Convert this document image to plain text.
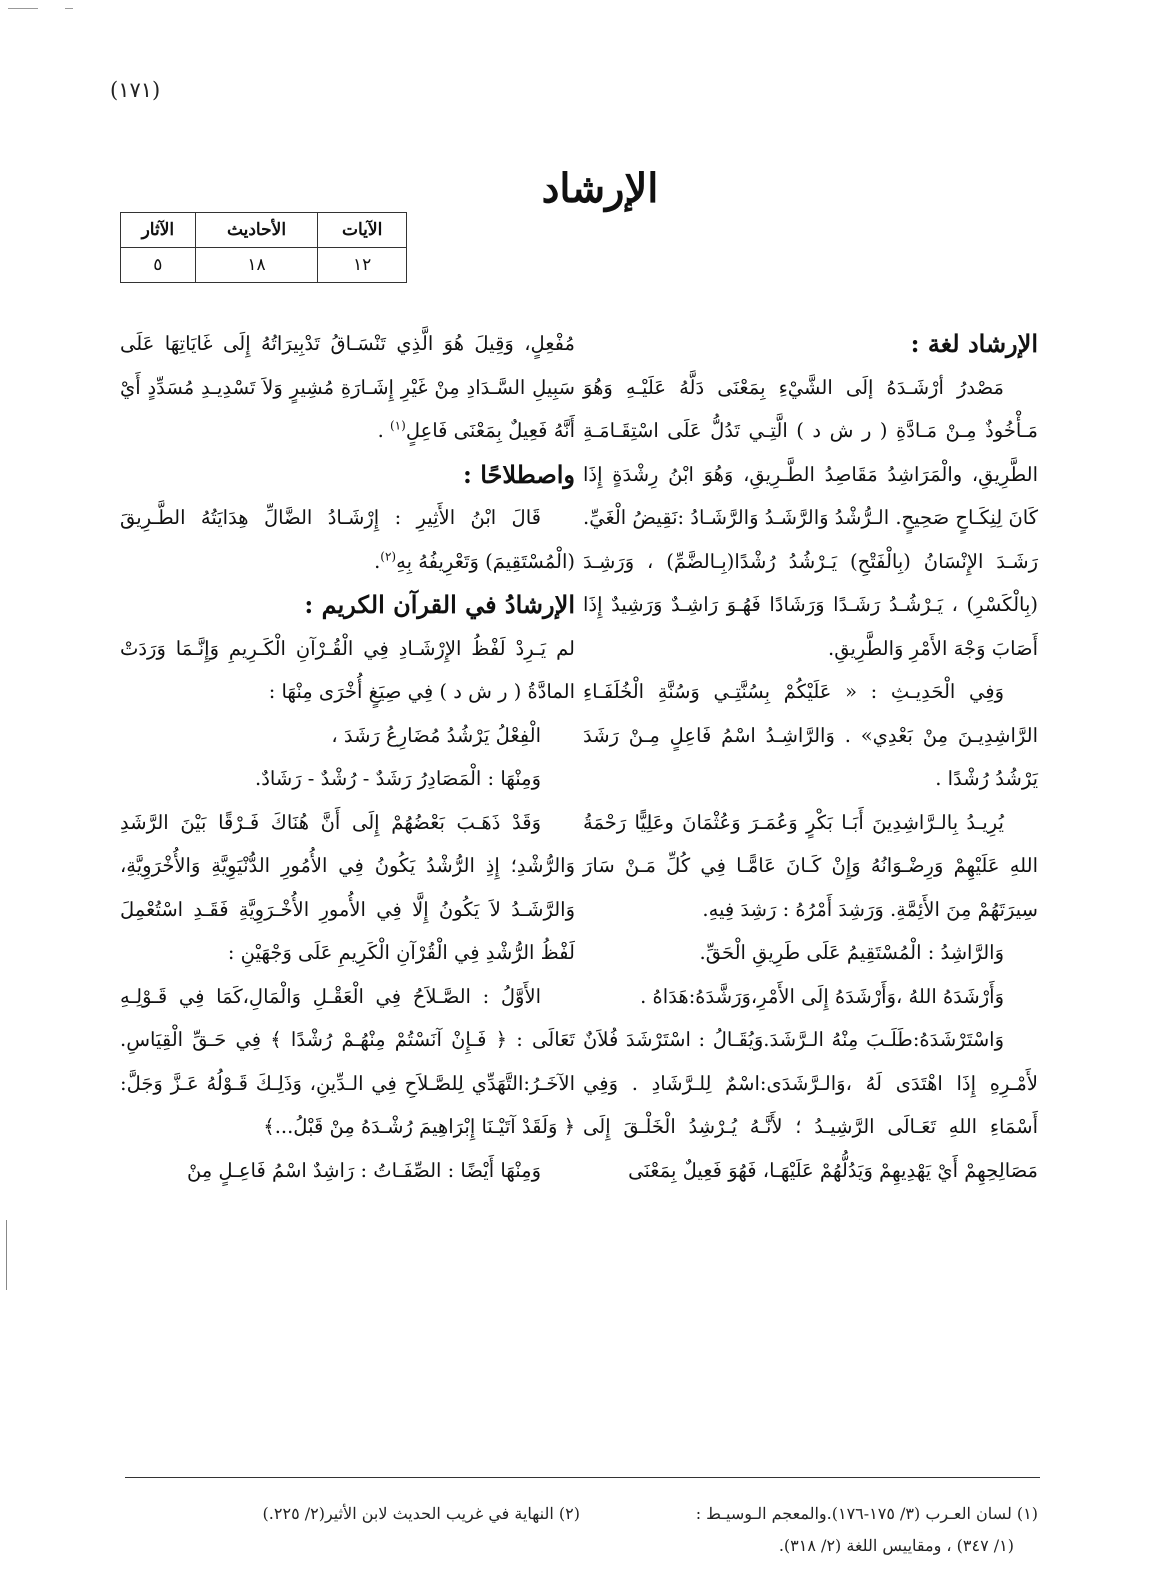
(١٧١)
الإرشاد
الآيات	الأحاديث	الآثار
١٢	١٨	٥
الإرشاد لغة :

مَصْدرُ أرْشَـدَهُ إلَى الشَّيْءِ بِمَعْنَى دَلَّهُ عَلَيْـهِ وَهُوَ مَـأْخُوذٌ مِـنْ مَـادَّةِ ( ر ش د ) الَّتِـي تَدُلُّ عَلَى اسْتِقَـامَـةِ الطَّرِيقِ، والْمَرَاشِدُ مَقَاصِدُ الطَّـرِيقِ، وَهُوَ ابْنُ رِشْدَةٍ إِذَا كَانَ لِنِكَـاحٍ صَحِيحٍ. الـرُّشْدُ وَالرَّشَـدُ وَالرَّشَـادُ :نَقِيضُ الْغَيِّ. رَشَـدَ الإِنْسَانُ (بِالْفَتْحِ) يَـرْشُدُ رُشْدًا(بِـالضَّمِّ) ، وَرَشِـدَ (بِالْكَسْرِ) ، يَـرْشُـدُ رَشَـدًا وَرَشَادًا فَهُـوَ رَاشِـدٌ وَرَشِيدٌ إِذَا أَصَابَ وَجْهَ الأَمْرِ وَالطَّرِيقِ.

وَفِي الْحَدِيـثِ : « عَلَيْكُمْ بِسُنَّتِـي وَسُنَّةِ الْخُلَفَـاءِ الرَّاشِدِيـنَ مِنْ بَعْدِي» . وَالرَّاشِـدُ اسْمُ فَاعِلٍ مِـنْ رَشَدَ يَرْشُدُ رُشْدًا .

يُرِيـدُ بِالـرَّاشِدِينَ أَبَـا بَكْرٍ وَعُمَـرَ وَعُثْمَانَ وعَلِيًّا رَحْمَةُ اللهِ عَلَيْهِمْ وَرِضْـوَانُهُ وَإِنْ كَـانَ عَامًّـا فِي كُلِّ مَـنْ سَارَ سِيرَتَهُمْ مِنَ الأَئِمَّةِ. وَرَشِدَ أَمْرُهُ : رَشِدَ فِيهِ.

وَالرَّاشِدُ : الْمُسْتَقِيمُ عَلَى طَرِيقِ الْحَقِّ.

وَأَرْشَدَهُ اللهُ ،وَأَرْشَدَهُ إِلَى الأَمْرِ،وَرَشَّدَهُ:هَدَاهُ .

وَاسْتَرْشَدَهُ:طَلَـبَ مِنْهُ الـرَّشَدَ.وَيُقَـالُ : اسْتَرْشَدَ فُلاَنٌ لأَمْـرِهِ إِذَا اهْتَدَى لَهُ ،وَالـرَّشَدَى:اسْمٌ لِلـرَّشَادِ . وَفِي أَسْمَاءِ اللهِ تَعَـالَى الرَّشِيـدُ ؛ لأَنَّـهُ يُـرْشِدُ الْخَلْـقَ إِلَى مَصَالِحِهِمْ أَيْ يَهْدِيهِمْ وَيَدُلُّهُمْ عَلَيْهَـا، فَهُوَ فَعِيلٌ بِمَعْنَى

مُفْعِلٍ، وَقِيلَ هُوَ الَّذِي تَنْسَـاقُ تَدْبِيرَاتُهُ إِلَى غَايَاتِهَا عَلَى سَبِيلِ السَّـدَادِ مِنْ غَيْرِ إِشَـارَةِ مُشِيرٍ وَلاَ تَسْدِيـدِ مُسَدِّدٍ أَيْ أَنَّهُ فَعِيلٌ بِمَعْنَى فَاعِلٍ$^{(١)}$ .

واصطلاحًا :

قَالَ ابْنُ الأَثِيرِ : إِرْشَـادُ الضَّالِّ هِدَايَتُهُ الطَّـرِيقَ (الْمُسْتَقِيمَ) وَتَعْرِيفُهُ بِهِ$^{(٢)}$.

الإرشادُ في القرآن الكريم :

لم يَـرِدْ لَفْظُ الإِرْشَـادِ فِي الْقُـرْآنِ الْكَـرِيمِ وَإِنَّـمَا وَرَدَتْ المادَّةُ ( ر ش د ) فِي صِيَغٍ أُخْرَى مِنْهَا :

الْفِعْلُ يَرْشُدُ مُضَارِعُ رَشَدَ ،

وَمِنْهَا : الْمَصَادِرُ رَشَدٌ - رُشْدٌ - رَشَادٌ.

وَقَدْ ذَهَـبَ بَعْضُهُمْ إِلَى أَنَّ هُنَاكَ فَـرْقًا بَيْنَ الرَّشَدِ وَالرُّشْدِ؛ إِذِ الرُّشْدُ يَكُونُ فِي الأُمُورِ الدُّنْيَوِيَّةِ وَالأُخْرَوِيَّةِ، وَالرَّشَـدُ لاَ يَكُونُ إِلَّا فِي الأُمورِ الأُخْـرَوِيَّةِ فَقَـدِ اسْتُعْمِلَ لَفْظُ الرُّشْدِ فِي الْقُرْآنِ الْكَرِيمِ عَلَى وَجْهَيْنِ :

الأَوَّلُ : الصَّـلاَحُ فِي الْعَقْـلِ وَالْمَالِ،كَمَا فِي قَـوْلِـهِ تَعَالَى : ﴿ فَـإِنْ آنَسْتُمْ مِنْهُـمْ رُشْدًا ﴾ فِي حَـقِّ الْقِيَاسِ. الآخَـرُ:التَّهَدِّي لِلصَّـلاَحِ فِي الـدِّينِ، وَذَلِـكَ قَـوْلُهُ عَـزَّ وَجَلَّ: ﴿ وَلَقَدْ آتَيْـنَا إِبْرَاهِيمَ رُشْـدَهُ مِنْ قَبْلُ...﴾

وَمِنْهَا أَيْضًا : الصِّفَـاتُ : رَاشِدٌ اسْمُ فَاعِـلٍ مِنْ

(١) لسان العـرب (٣/ ١٧٥-١٧٦).والمعجم الـوسيـط :

(١/ ٣٤٧) ، ومقاييس اللغة (٢/ ٣١٨).

(٢) النهاية في غريب الحديث لابن الأثير(٢/ ٢٢٥.)
